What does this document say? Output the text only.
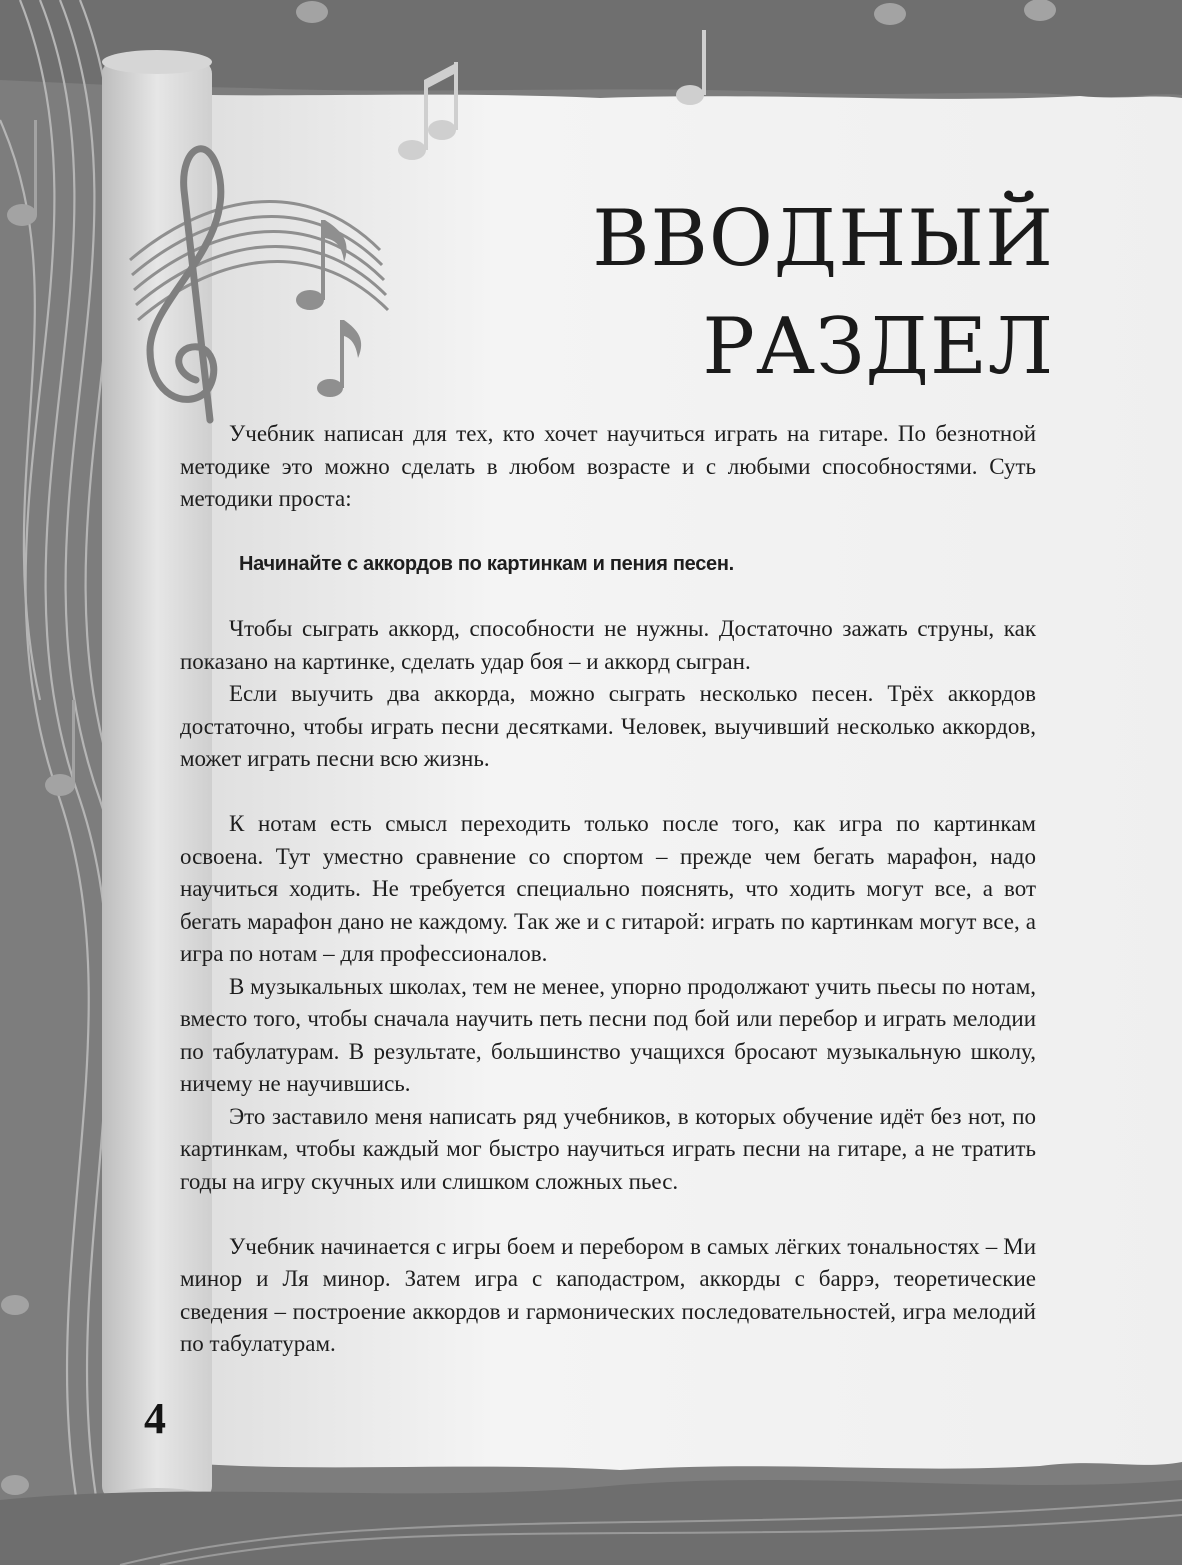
ВВОДНЫЙ
РАЗДЕЛ

Учебник написан для тех, кто хочет научиться играть на гитаре. По безнотной методике это можно сделать в любом возрасте и с любыми способностями. Суть методики проста:

Начинайте с аккордов по картинкам и пения песен.

Чтобы сыграть аккорд, способности не нужны. Достаточно зажать струны, как показано на картинке, сделать удар боя – и аккорд сыгран.

Если выучить два аккорда, можно сыграть несколько песен. Трёх аккордов достаточно, чтобы играть песни десятками. Человек, выучивший несколько аккордов, может играть песни всю жизнь.

К нотам есть смысл переходить только после того, как игра по картинкам освоена. Тут уместно сравнение со спортом – прежде чем бегать марафон, надо научиться ходить. Не требуется специально пояснять, что ходить могут все, а вот бегать марафон дано не каждому. Так же и с гитарой: играть по картинкам могут все, а игра по нотам – для профессионалов.

В музыкальных школах, тем не менее, упорно продолжают учить пьесы по нотам, вместо того, чтобы сначала научить петь песни под бой или перебор и играть мелодии по табулатурам. В результате, большинство учащихся бросают музыкальную школу, ничему не научившись.

Это заставило меня написать ряд учебников, в которых обучение идёт без нот, по картинкам, чтобы каждый мог быстро научиться играть песни на гитаре, а не тратить годы на игру скучных или слишком сложных пьес.

Учебник начинается с игры боем и перебором в самых лёгких тональностях – Ми минор и Ля минор. Затем игра с каподастром, аккорды с баррэ, теоретические сведения – построение аккордов и гармонических последовательностей, игра мелодий по табулатурам.

4
